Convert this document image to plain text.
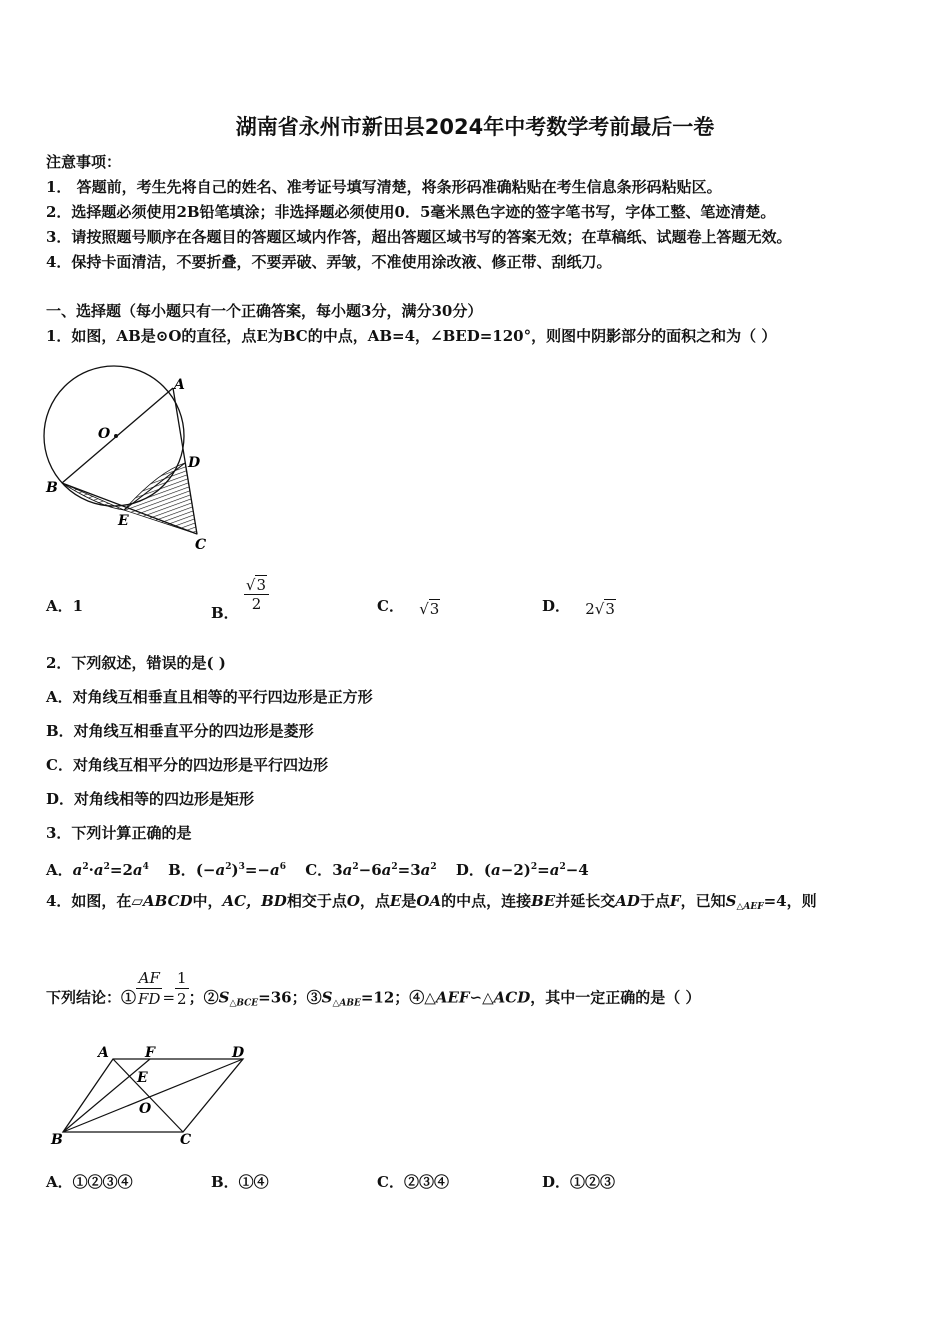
湖南省永州市新田县2024年中考数学考前最后一卷
注意事项：
1． 答题前，考生先将自己的姓名、准考证号填写清楚，将条形码准确粘贴在考生信息条形码粘贴区。
2．选择题必须使用2B铅笔填涂；非选择题必须使用0．5毫米黑色字迹的签字笔书写，字体工整、笔迹清楚。
3．请按照题号顺序在各题目的答题区域内作答，超出答题区域书写的答案无效；在草稿纸、试题卷上答题无效。
4．保持卡面清洁，不要折叠，不要弄破、弄皱，不准使用涂改液、修正带、刮纸刀。
一、选择题（每小题只有一个正确答案，每小题3分，满分30分）
1．如图，AB是⊙O的直径，点E为BC的中点，AB=4，∠BED=120°，则图中阴影部分的面积之和为（ ）
A
O
D
B
E
C
A．1	B． $\frac{√3}{2}$	C． √3	D． 2√3
2．下列叙述，错误的是( )
A．对角线互相垂直且相等的平行四边形是正方形
B．对角线互相垂直平分的四边形是菱形
C．对角线互相平分的四边形是平行四边形
D．对角线相等的四边形是矩形
3．下列计算正确的是
A．$a^2\cdot a^2=2a^4$ B．$(-a^2)^3=-a^6$ C．$3a^2-6a^2=3a^2$ D．$(a-2)^2=a^2-4$
4．如图，在▱ABCD中，AC，BD相交于点O，点E是OA的中点，连接BE并延长交AD于点F，已知$S_{\triangle AEF}=4$，则
下列结论：① $\frac{AF}{FD} = \frac{1}{2}$ ；$②S_{\triangle BCE}=36$；$③S_{\triangle ABE}=12$；④△AEF∽△ACD，其中一定正确的是（ ）
A	F	D
E
O
B	C
A．①②③④	B．①④	C．②③④	D．①②③
